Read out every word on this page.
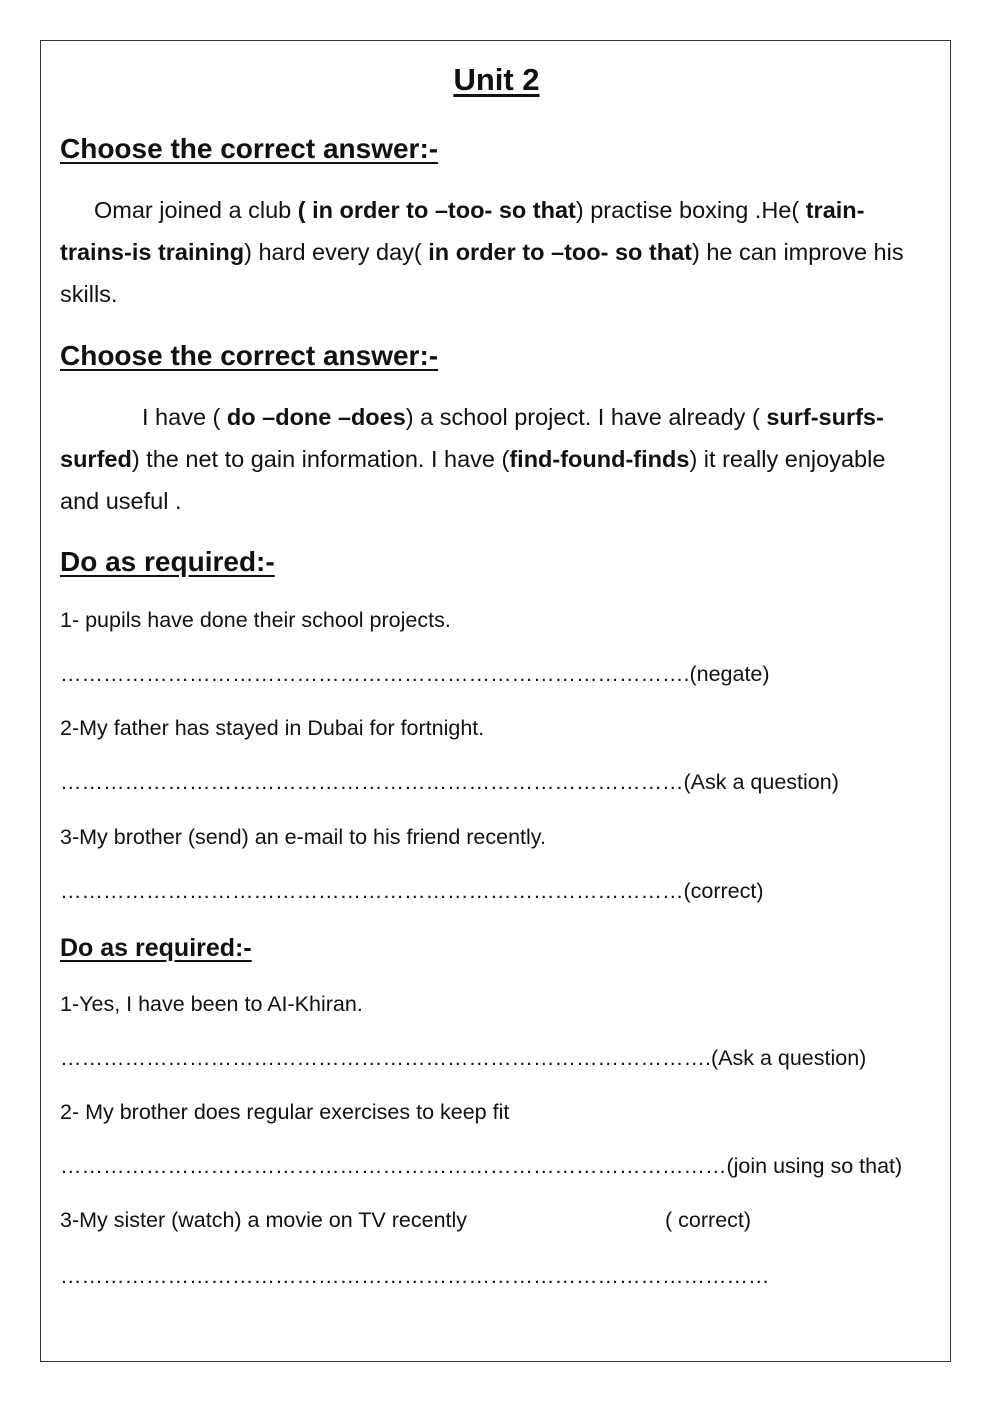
Unit 2
Choose the correct answer:-
Omar joined a club ( in order to –too- so that) practise boxing .He( train- trains-is training) hard every day( in order to –too- so that) he can improve his skills.
Choose the correct answer:-
I have ( do –done –does) a school project. I have already ( surf-surfs- surfed) the net to gain information. I have (find-found-finds) it really enjoyable and useful .
Do as required:-
1- pupils have done their school projects.
…………………………………………………………………………….(negate)
2-My father has stayed in Dubai for fortnight.
……………………………………………………………………………(Ask a question)
3-My brother (send) an e-mail to his friend recently.
……………………………………………………………………………(correct)
Do as required:-
1-Yes, I have been to AI-Khiran.
……………………………………………………………………………….(Ask a question)
2- My brother does regular exercises to keep fit
…………………………………………………………………………………(join using so that)
3-My sister (watch) a movie on TV recently	( correct)
………………………………………………………………………………………
